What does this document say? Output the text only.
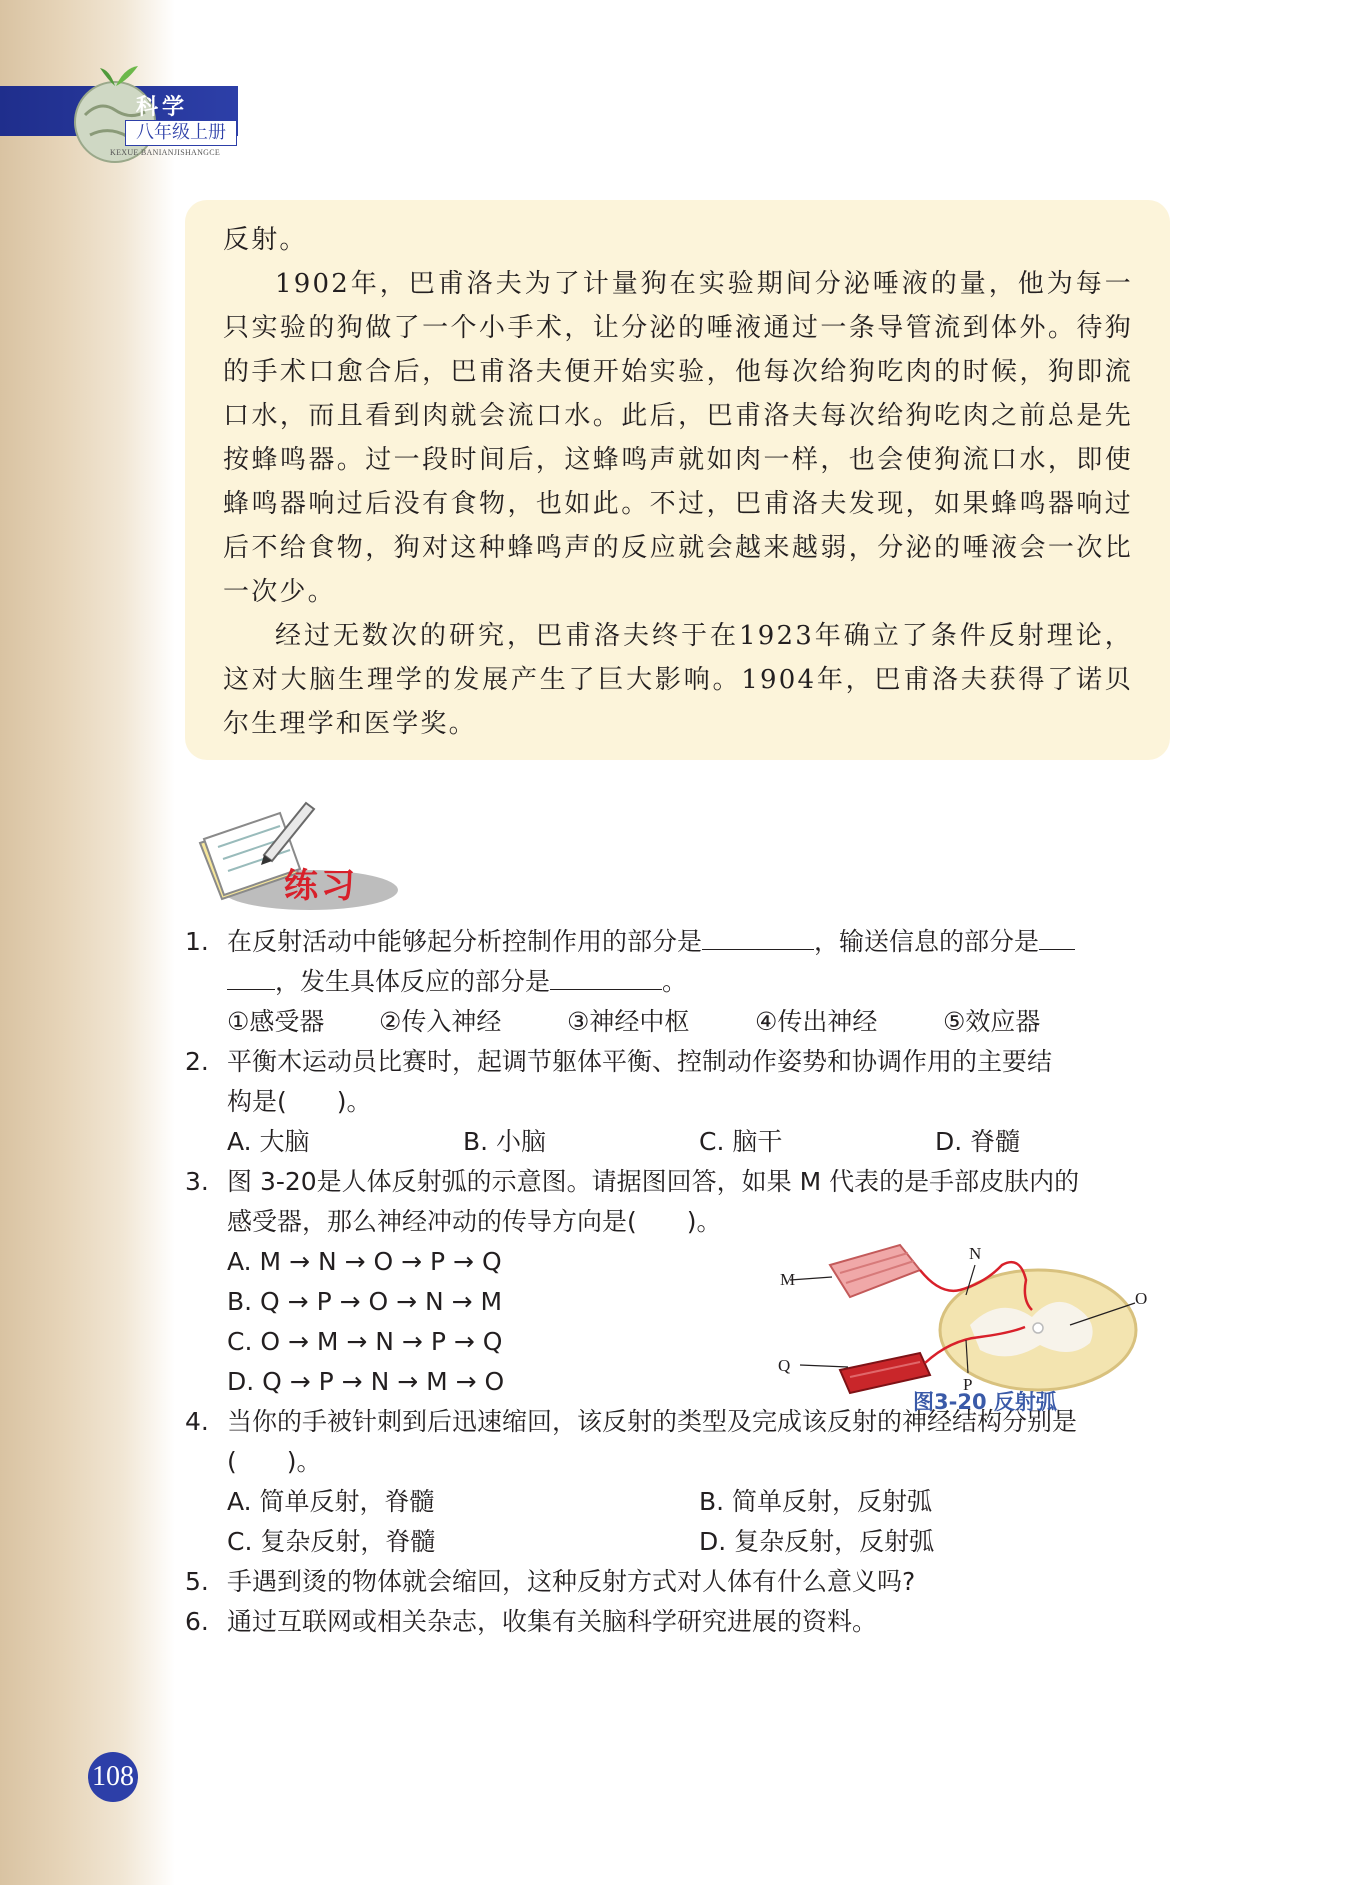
科学
八年级上册
KEXUE BANIANJISHANGCE

反射。

1902年，巴甫洛夫为了计量狗在实验期间分泌唾液的量，他为每一只实验的狗做了一个小手术，让分泌的唾液通过一条导管流到体外。待狗的手术口愈合后，巴甫洛夫便开始实验，他每次给狗吃肉的时候，狗即流口水，而且看到肉就会流口水。此后，巴甫洛夫每次给狗吃肉之前总是先按蜂鸣器。过一段时间后，这蜂鸣声就如肉一样，也会使狗流口水，即使蜂鸣器响过后没有食物，也如此。不过，巴甫洛夫发现，如果蜂鸣器响过后不给食物，狗对这种蜂鸣声的反应就会越来越弱，分泌的唾液会一次比一次少。

经过无数次的研究，巴甫洛夫终于在1923年确立了条件反射理论，这对大脑生理学的发展产生了巨大影响。1904年，巴甫洛夫获得了诺贝尔生理学和医学奖。

练习
1. 在反射活动中能够起分析控制作用的部分是	，输送信息的部分是
，发生具体反应的部分是	。
①感受器	②传入神经	③神经中枢	④传出神经	⑤效应器
2. 平衡木运动员比赛时，起调节躯体平衡、控制动作姿势和协调作用的主要结
构是(　　)。
A. 大脑	B. 小脑	C. 脑干	D. 脊髓
3. 图 3-20是人体反射弧的示意图。请据图回答，如果 M 代表的是手部皮肤内的
感受器，那么神经冲动的传导方向是(　　)。
A. M → N → O → P → Q
B. Q → P → O → N → M
C. O → M → N → P → Q
D. Q → P → N → M → O
4. 当你的手被针刺到后迅速缩回，该反射的类型及完成该反射的神经结构分别是
(　　)。
A. 简单反射，脊髓	B. 简单反射，反射弧
C. 复杂反射，脊髓	D. 复杂反射，反射弧
5. 手遇到烫的物体就会缩回，这种反射方式对人体有什么意义吗?
6. 通过互联网或相关杂志，收集有关脑科学研究进展的资料。
M
N
O
P
Q
图3-20 反射弧
108
